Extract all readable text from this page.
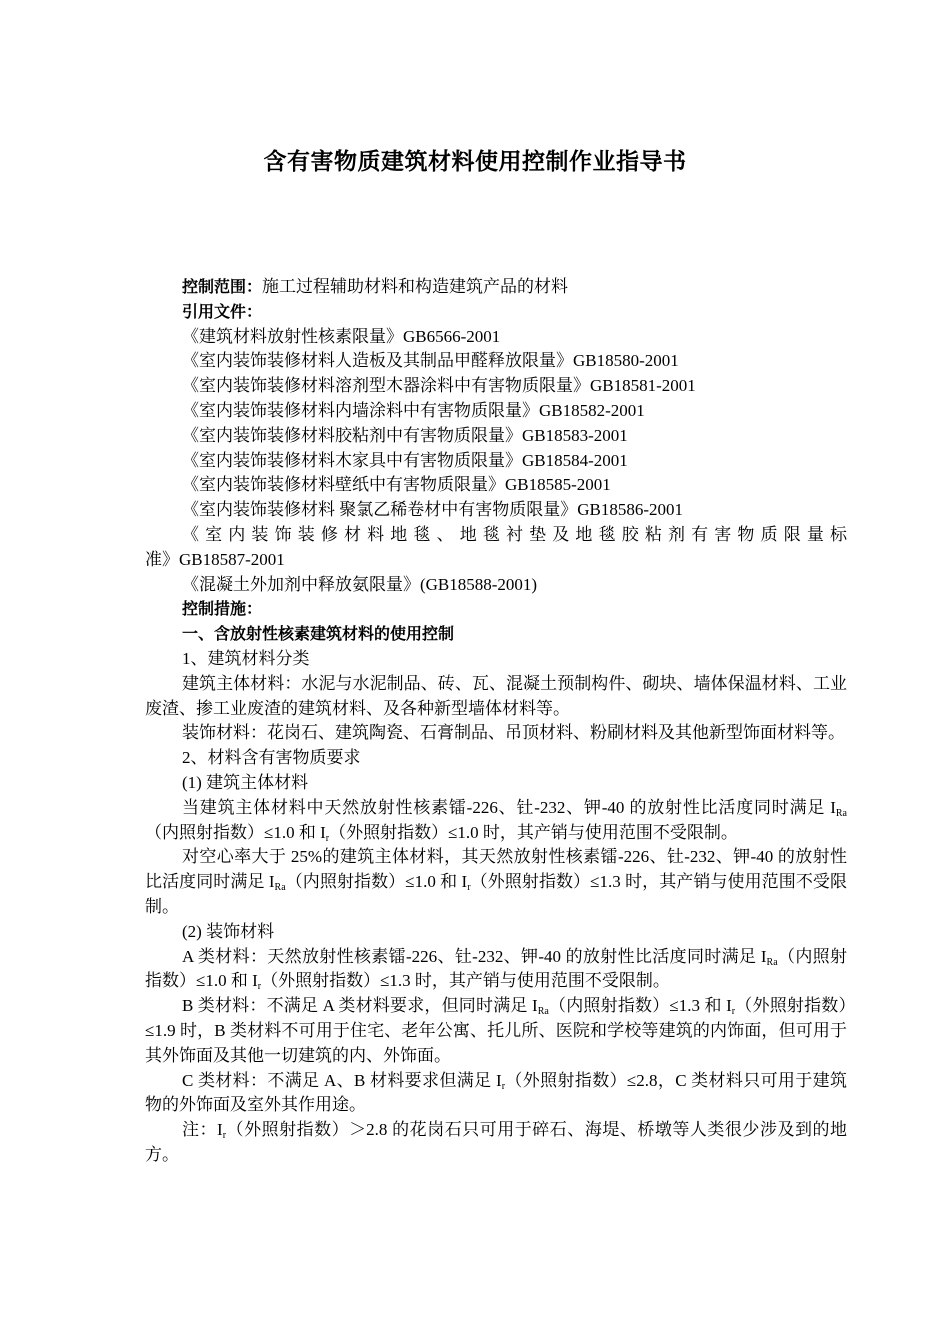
含有害物质建筑材料使用控制作业指导书

控制范围：施工过程辅助材料和构造建筑产品的材料

引用文件：

《建筑材料放射性核素限量》GB6566-2001

《室内装饰装修材料人造板及其制品甲醛释放限量》GB18580-2001

《室内装饰装修材料溶剂型木器涂料中有害物质限量》GB18581-2001

《室内装饰装修材料内墙涂料中有害物质限量》GB18582-2001

《室内装饰装修材料胶粘剂中有害物质限量》GB18583-2001

《室内装饰装修材料木家具中有害物质限量》GB18584-2001

《室内装饰装修材料壁纸中有害物质限量》GB18585-2001

《室内装饰装修材料 聚氯乙稀卷材中有害物质限量》GB18586-2001

《室内装饰装修材料地毯、地毯衬垫及地毯胶粘剂有害物质限量标

准》GB18587-2001

《混凝土外加剂中释放氨限量》(GB18588-2001)

控制措施：

一、含放射性核素建筑材料的使用控制

1、建筑材料分类

建筑主体材料：水泥与水泥制品、砖、瓦、混凝土预制构件、砌块、墙体保温材料、工业废渣、掺工业废渣的建筑材料、及各种新型墙体材料等。

装饰材料：花岗石、建筑陶瓷、石膏制品、吊顶材料、粉刷材料及其他新型饰面材料等。

2、材料含有害物质要求

(1) 建筑主体材料

当建筑主体材料中天然放射性核素镭-226、钍-232、钾-40 的放射性比活度同时满足 $I_{Ra}$（内照射指数）≤1.0 和 $I_r$（外照射指数）≤1.0 时，其产销与使用范围不受限制。

对空心率大于 25%的建筑主体材料，其天然放射性核素镭-226、钍-232、钾-40 的放射性比活度同时满足 $I_{Ra}$（内照射指数）≤1.0 和 $I_r$（外照射指数）≤1.3 时，其产销与使用范围不受限制。

(2) 装饰材料

A 类材料：天然放射性核素镭-226、钍-232、钾-40 的放射性比活度同时满足 $I_{Ra}$（内照射指数）≤1.0 和 $I_r$（外照射指数）≤1.3 时，其产销与使用范围不受限制。

B 类材料：不满足 A 类材料要求，但同时满足 $I_{Ra}$（内照射指数）≤1.3 和 $I_r$（外照射指数）≤1.9 时，B 类材料不可用于住宅、老年公寓、托儿所、医院和学校等建筑的内饰面，但可用于其外饰面及其他一切建筑的内、外饰面。

C 类材料：不满足 A、B 材料要求但满足 $I_r$（外照射指数）≤2.8，C 类材料只可用于建筑物的外饰面及室外其作用途。

注：$I_r$（外照射指数）＞2.8 的花岗石只可用于碎石、海堤、桥墩等人类很少涉及到的地方。
